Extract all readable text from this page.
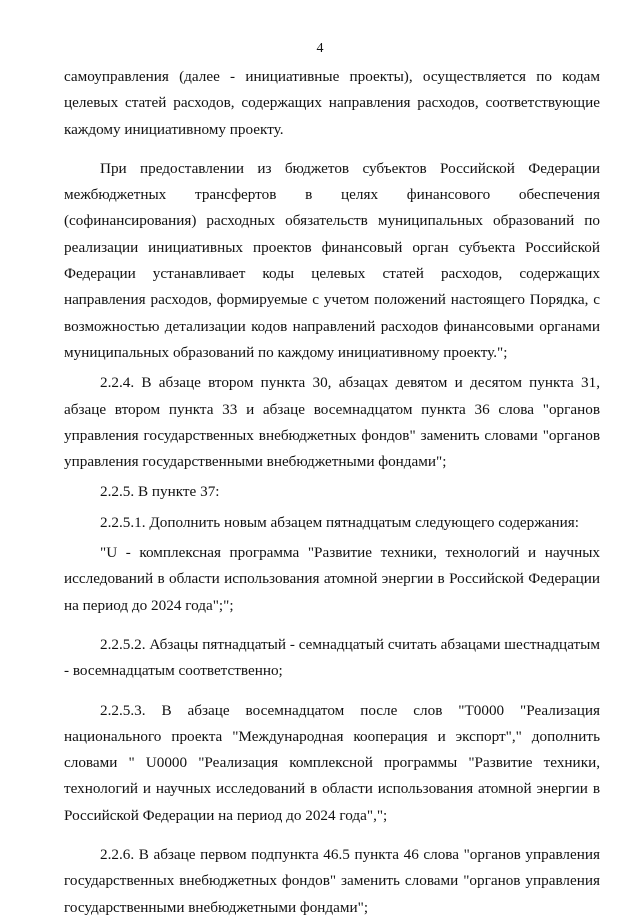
4

самоуправления (далее - инициативные проекты), осуществляется по кодам целевых статей расходов, содержащих направления расходов, соответствующие каждому инициативному проекту.

При предоставлении из бюджетов субъектов Российской Федерации межбюджетных трансфертов в целях финансового обеспечения (софинансирования) расходных обязательств муниципальных образований по реализации инициативных проектов финансовый орган субъекта Российской Федерации устанавливает коды целевых статей расходов, содержащих направления расходов, формируемые с учетом положений настоящего Порядка, с возможностью детализации кодов направлений расходов финансовыми органами муниципальных образований по каждому инициативному проекту.";

2.2.4. В абзаце втором пункта 30, абзацах девятом и десятом пункта 31, абзаце втором пункта 33 и абзаце восемнадцатом пункта 36 слова "органов управления государственных внебюджетных фондов" заменить словами "органов управления государственными внебюджетными фондами";

2.2.5. В пункте 37:

2.2.5.1. Дополнить новым абзацем пятнадцатым следующего содержания:

"U - комплексная программа "Развитие техники, технологий и научных исследований в области использования атомной энергии в Российской Федерации на период до 2024 года";";

2.2.5.2. Абзацы пятнадцатый - семнадцатый считать абзацами шестнадцатым - восемнадцатым соответственно;

2.2.5.3. В абзаце восемнадцатом после слов "Т0000 "Реализация национального проекта "Международная кооперация и экспорт"," дополнить словами " U0000 "Реализация комплексной программы "Развитие техники, технологий и научных исследований в области использования атомной энергии в Российской Федерации на период до 2024 года",";

2.2.6. В абзаце первом подпункта 46.5 пункта 46 слова "органов управления государственных внебюджетных фондов" заменить словами "органов управления государственными внебюджетными фондами";
